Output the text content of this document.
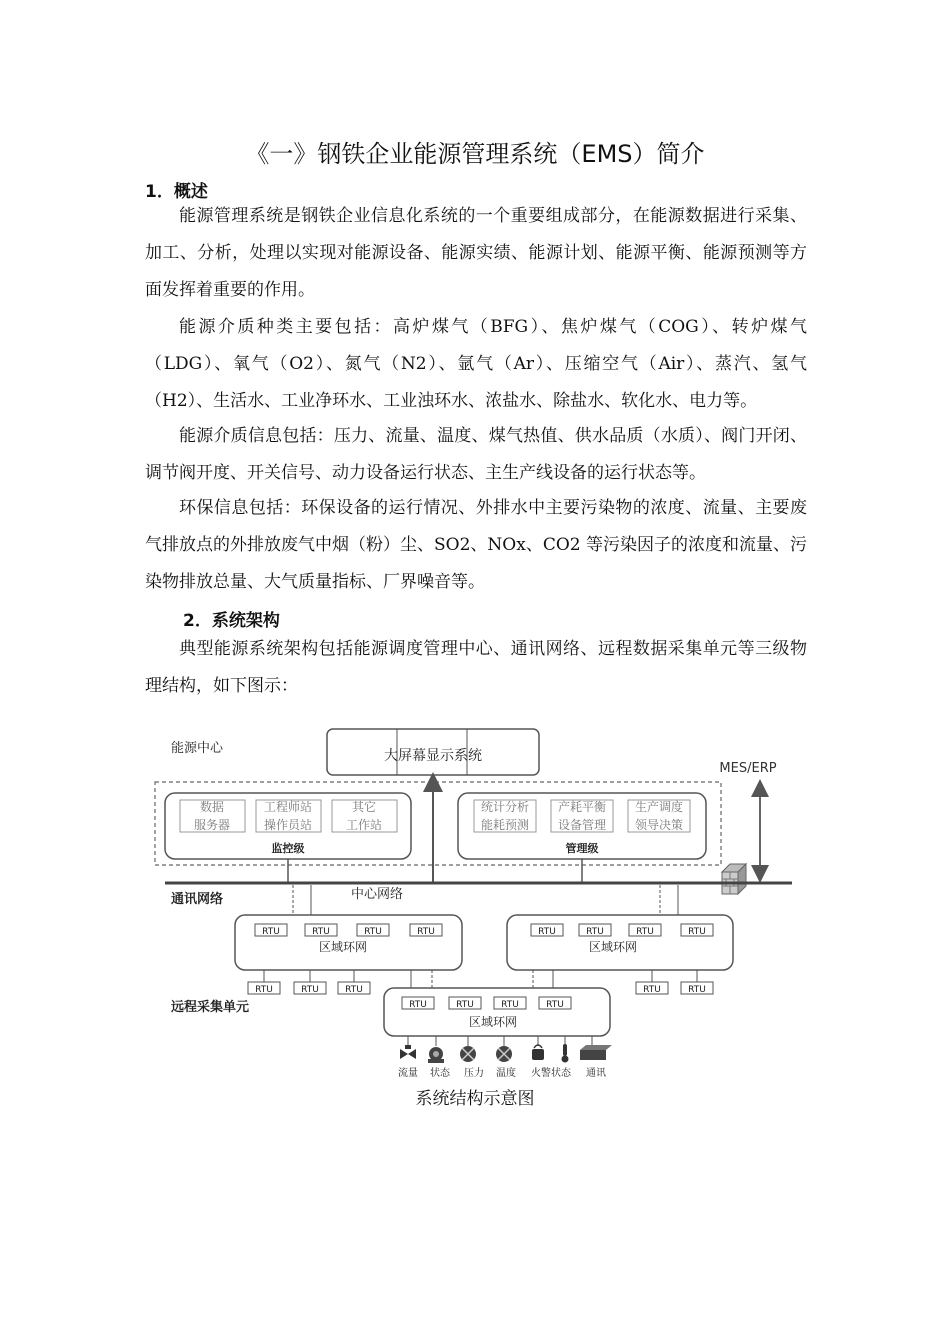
《一》钢铁企业能源管理系统（EMS）简介
1．概述

能源管理系统是钢铁企业信息化系统的一个重要组成部分，在能源数据进行采集、加工、分析，处理以实现对能源设备、能源实绩、能源计划、能源平衡、能源预测等方面发挥着重要的作用。

能源介质种类主要包括：高炉煤气（BFG）、焦炉煤气（COG）、转炉煤气（LDG）、氧气（O2）、氮气（N2）、氩气（Ar）、压缩空气（Air）、蒸汽、氢气（H2）、生活水、工业净环水、工业浊环水、浓盐水、除盐水、软化水、电力等。

能源介质信息包括：压力、流量、温度、煤气热值、供水品质（水质）、阀门开闭、调节阀开度、开关信号、动力设备运行状态、主生产线设备的运行状态等。

环保信息包括：环保设备的运行情况、外排水中主要污染物的浓度、流量、主要废气排放点的外排放废气中烟（粉）尘、SO2、NOx、CO2 等污染因子的浓度和流量、污染物排放总量、大气质量指标、厂界噪音等。

2．系统架构

典型能源系统架构包括能源调度管理中心、通讯网络、远程数据采集单元等三级物理结构，如下图示：

能源中心	大屏幕显示系统
数据
服务器
工程师站
操作员站
其它
工作站
监控级
统计分析
能耗预测
产耗平衡
设备管理
生产调度
领导决策
管理级
MES/ERP
通讯网络	中心网络
RTU	RTU	RTU	RTU
区域环网
RTU	RTU	RTU	RTU
区域环网
RTU	RTU	RTU	RTU	RTU
远程采集单元	RTU	RTU	RTU	RTU
区域环网
流量 状态 压力 温度 火警状态 通讯
系统结构示意图
